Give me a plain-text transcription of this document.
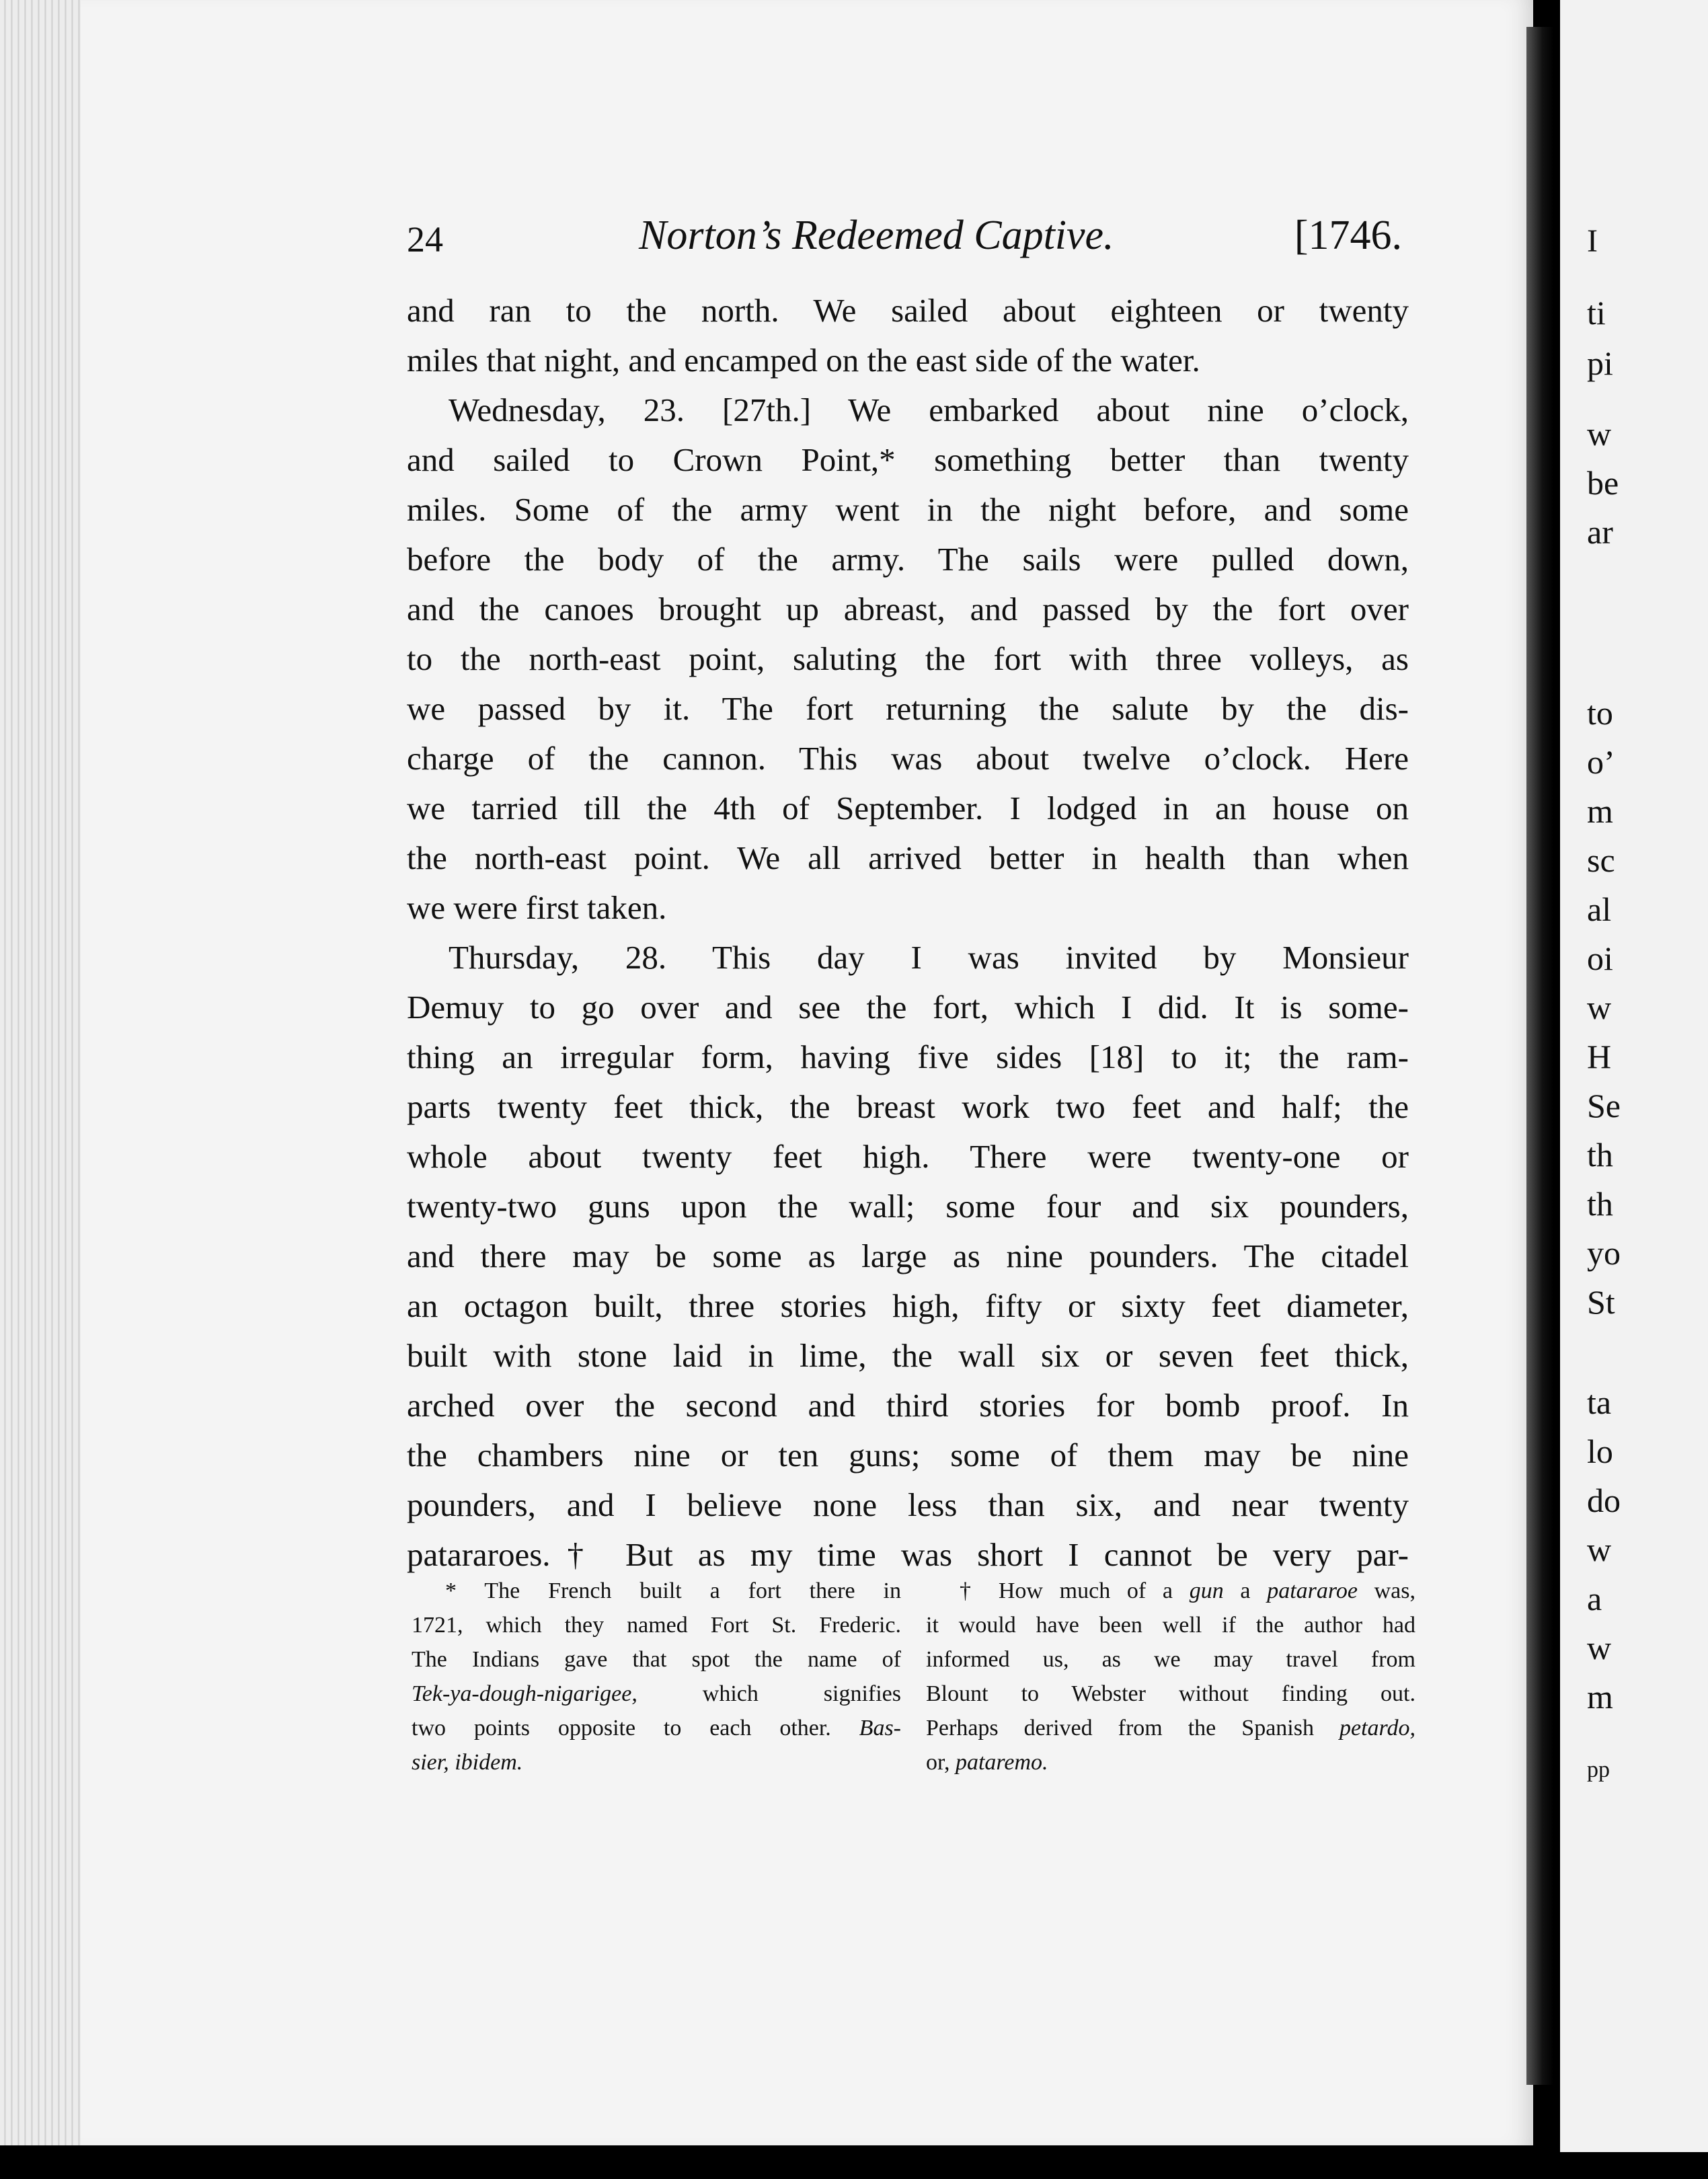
I
ti
pi
w
be
ar
to
o’
m
sc
al
oi
w
H
Se
th
th
yo
St
ta
lo
do
w
a
w
m
pp
24	Norton’s Redeemed Captive.	[1746.
and ran to the north. We sailed about eighteen or twenty
miles that night, and encamped on the east side of the water.
Wednesday, 23. [27th.] We embarked about nine o’clock,
and sailed to Crown Point,* something better than twenty
miles. Some of the army went in the night before, and some
before the body of the army. The sails were pulled down,
and the canoes brought up abreast, and passed by the fort over
to the north-east point, saluting the fort with three volleys, as
we passed by it. The fort returning the salute by the dis-
charge of the cannon. This was about twelve o’clock. Here
we tarried till the 4th of September. I lodged in an house on
the north-east point. We all arrived better in health than when
we were first taken.
Thursday, 28. This day I was invited by Monsieur
Demuy to go over and see the fort, which I did. It is some-
thing an irregular form, having five sides [18] to it; the ram-
parts twenty feet thick, the breast work two feet and half; the
whole about twenty feet high. There were twenty-one or
twenty-two guns upon the wall; some four and six pounders,
and there may be some as large as nine pounders. The citadel
an octagon built, three stories high, fifty or sixty feet diameter,
built with stone laid in lime, the wall six or seven feet thick,
arched over the second and third stories for bomb proof. In
the chambers nine or ten guns; some of them may be nine
pounders, and I believe none less than six, and near twenty
patararoes.† But as my time was short I cannot be very par-
* The French built a fort there in
1721, which they named Fort St. Frederic.
The Indians gave that spot the name of
Tek-ya-dough-nigarigee, which signifies
two points opposite to each other. Bas-
sier, ibidem.
† How much of a gun a patararoe was,
it would have been well if the author had
informed us, as we may travel from
Blount to Webster without finding out.
Perhaps derived from the Spanish petardo,
or, pataremo.
